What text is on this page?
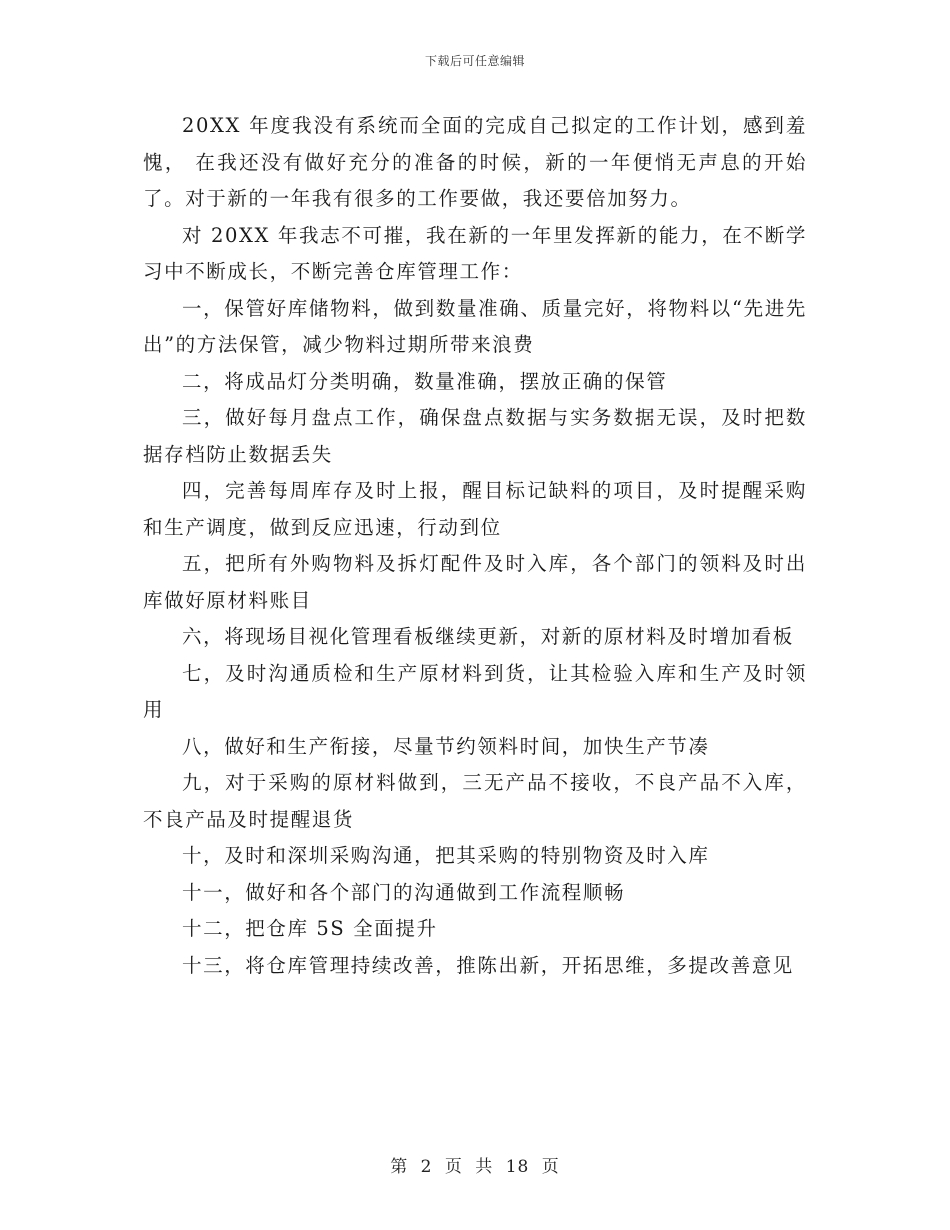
下载后可任意编辑

20XX 年度我没有系统而全面的完成自己拟定的工作计划，感到羞愧， 在我还没有做好充分的准备的时候，新的一年便悄无声息的开始了。对于新的一年我有很多的工作要做，我还要倍加努力。

对 20XX 年我志不可摧，我在新的一年里发挥新的能力，在不断学习中不断成长，不断完善仓库管理工作：

一，保管好库储物料，做到数量准确、质量完好，将物料以“先进先出”的方法保管，减少物料过期所带来浪费

二，将成品灯分类明确，数量准确，摆放正确的保管

三，做好每月盘点工作，确保盘点数据与实务数据无误，及时把数据存档防止数据丢失

四，完善每周库存及时上报，醒目标记缺料的项目，及时提醒采购和生产调度，做到反应迅速，行动到位

五，把所有外购物料及拆灯配件及时入库，各个部门的领料及时出库做好原材料账目

六，将现场目视化管理看板继续更新，对新的原材料及时增加看板

七，及时沟通质检和生产原材料到货，让其检验入库和生产及时领用

八，做好和生产衔接，尽量节约领料时间，加快生产节凑

九，对于采购的原材料做到，三无产品不接收，不良产品不入库，不良产品及时提醒退货

十，及时和深圳采购沟通，把其采购的特别物资及时入库

十一，做好和各个部门的沟通做到工作流程顺畅

十二，把仓库 5S 全面提升

十三，将仓库管理持续改善，推陈出新，开拓思维，多提改善意见

第 2 页 共 18 页
